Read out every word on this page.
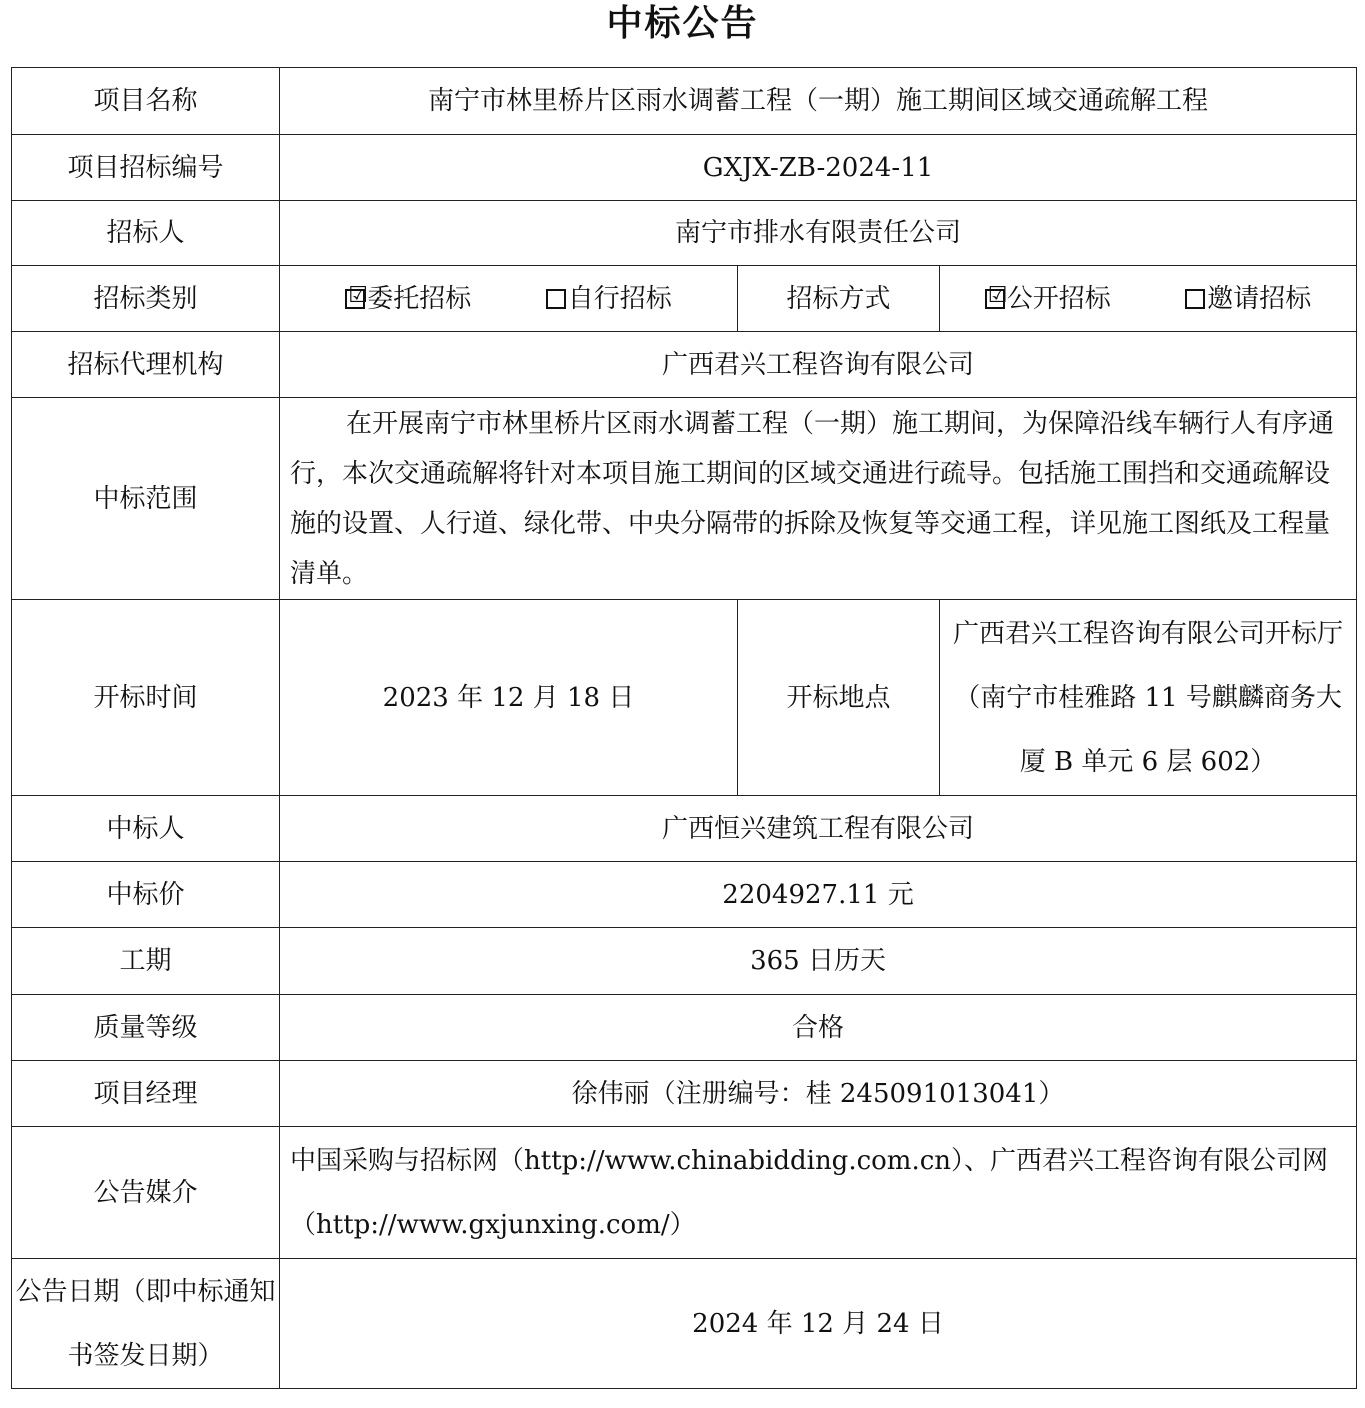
中标公告
项目名称	南宁市林里桥片区雨水调蓄工程（一期）施工期间区域交通疏解工程		
项目招标编号	GXJX-ZB-2024-11		
招标人	南宁市排水有限责任公司		
招标类别	☑ 委托招标 自行招标	招标方式	☑ 公开招标 邀请招标
招标代理机构	广西君兴工程咨询有限公司		
中标范围	在开展南宁市林里桥片区雨水调蓄工程（一期）施工期间，为保障沿线车辆行人有序通行，本次交通疏解将针对本项目施工期间的区域交通进行疏导。包括施工围挡和交通疏解设施的设置、人行道、绿化带、中央分隔带的拆除及恢复等交通工程，详见施工图纸及工程量清单。		
开标时间	2023 年 12 月 18 日	开标地点	广西君兴工程咨询有限公司开标厅（南宁市桂雅路 11 号麒麟商务大厦 B 单元 6 层 602）
中标人	广西恒兴建筑工程有限公司		
中标价	2204927.11 元		
工期	365 日历天		
质量等级	合格		
项目经理	徐伟丽（注册编号：桂 245091013041）		
公告媒介	中国采购与招标网（http://www.chinabidding.com.cn）、广西君兴工程咨询有限公司网（http://www.gxjunxing.com/）		
公告日期（即中标通知书签发日期）	2024 年 12 月 24 日		
